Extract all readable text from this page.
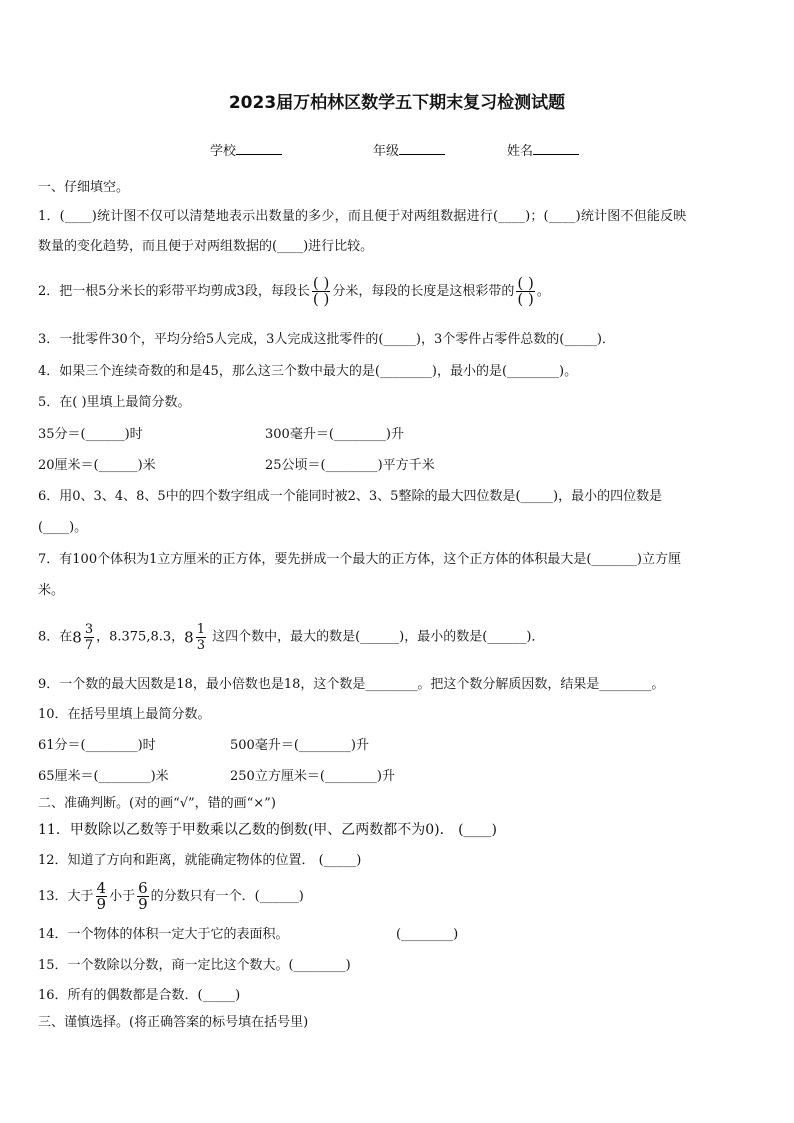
2023届万柏林区数学五下期末复习检测试题
学校	年级	姓名
一、仔细填空。
1．(____)统计图不仅可以清楚地表示出数量的多少，而且便于对两组数据进行(____)；(____)统计图不但能反映
数量的变化趋势，而且便于对两组数据的(____)进行比较。
2．把一根5分米长的彩带平均剪成3段，每段长 $\frac{( )}{( )}$ 分米，每段的长度是这根彩带的 $\frac{( )}{( )}$ 。
3．一批零件30个，平均分给5人完成，3人完成这批零件的(_____)，3个零件占零件总数的(_____)．
4．如果三个连续奇数的和是45，那么这三个数中最大的是(________)，最小的是(________)。
5．在( )里填上最简分数。
35分＝(______)时	300毫升＝(________)升
20厘米＝(______)米	25公顷＝(________)平方千米
6．用0、3、4、8、5中的四个数字组成一个能同时被2、3、5整除的最大四位数是(_____)，最小的四位数是
(____)。
7．有100个体积为1立方厘米的正方体，要先拼成一个最大的正方体，这个正方体的体积最大是(_______)立方厘
米。
8．在$8 \frac{3}{7}$ ，8.375,8.3，$8 \frac{1}{3}$ 这四个数中，最大的数是(______)，最小的数是(______)．
9．一个数的最大因数是18，最小倍数也是18，这个数是________。把这个数分解质因数，结果是________。
10．在括号里填上最简分数。
61分＝(________)时	500毫升＝(________)升
65厘米＝(________)米	250立方厘米＝(________)升
二、准确判断。(对的画“√”，错的画“×”)
11．甲数除以乙数等于甲数乘以乙数的倒数(甲、乙两数都不为0)． (____)
12．知道了方向和距离，就能确定物体的位置． (_____)
13．大于 $\frac{4}{9}$ 小于 $\frac{6}{9}$ 的分数只有一个．(______)
14．一个物体的体积一定大于它的表面积。	(________)
15．一个数除以分数，商一定比这个数大。(________)
16．所有的偶数都是合数．(_____)
三、谨慎选择。(将正确答案的标号填在括号里)
